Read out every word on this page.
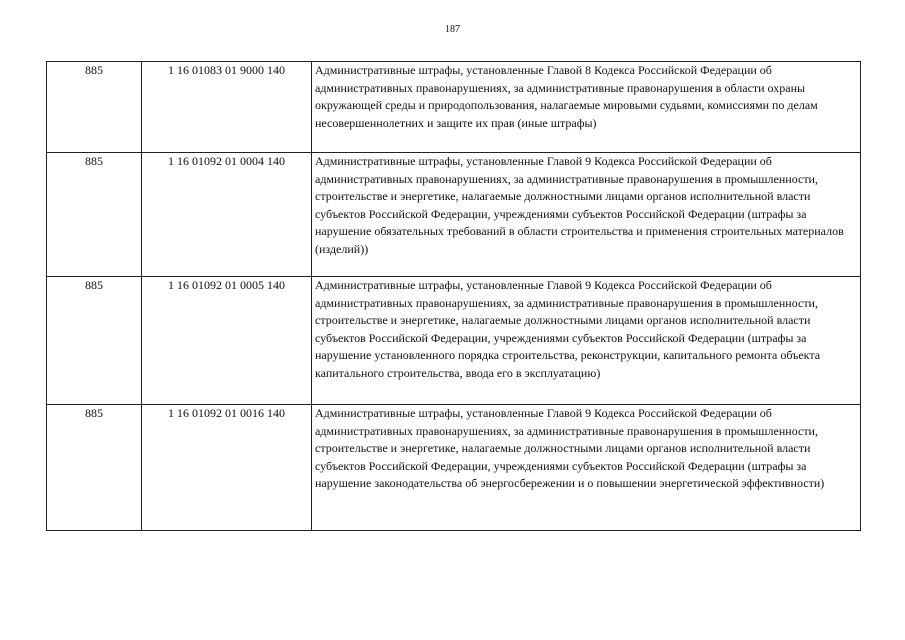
187
885	1 16 01083 01 9000 140	Административные штрафы, установленные Главой 8 Кодекса Российской Федерации об административных правонарушениях, за административные правонарушения в области охраны окружающей среды и природопользования, налагаемые мировыми судьями, комиссиями по делам несовершеннолетних и защите их прав (иные штрафы)
885	1 16 01092 01 0004 140	Административные штрафы, установленные Главой 9 Кодекса Российской Федерации об административных правонарушениях, за административные правонарушения в промышленности, строительстве и энергетике, налагаемые должностными лицами органов исполнительной власти субъектов Российской Федерации, учреждениями субъектов Российской Федерации (штрафы за нарушение обязательных требований в области строительства и применения строительных материалов (изделий))
885	1 16 01092 01 0005 140	Административные штрафы, установленные Главой 9 Кодекса Российской Федерации об административных правонарушениях, за административные правонарушения в промышленности, строительстве и энергетике, налагаемые должностными лицами органов исполнительной власти субъектов Российской Федерации, учреждениями субъектов Российской Федерации (штрафы за нарушение установленного порядка строительства, реконструкции, капитального ремонта объекта капитального строительства, ввода его в эксплуатацию)
885	1 16 01092 01 0016 140	Административные штрафы, установленные Главой 9 Кодекса Российской Федерации об административных правонарушениях, за административные правонарушения в промышленности, строительстве и энергетике, налагаемые должностными лицами органов исполнительной власти субъектов Российской Федерации, учреждениями субъектов Российской Федерации (штрафы за нарушение законодательства об энергосбережении и о повышении энергетической эффективности)
